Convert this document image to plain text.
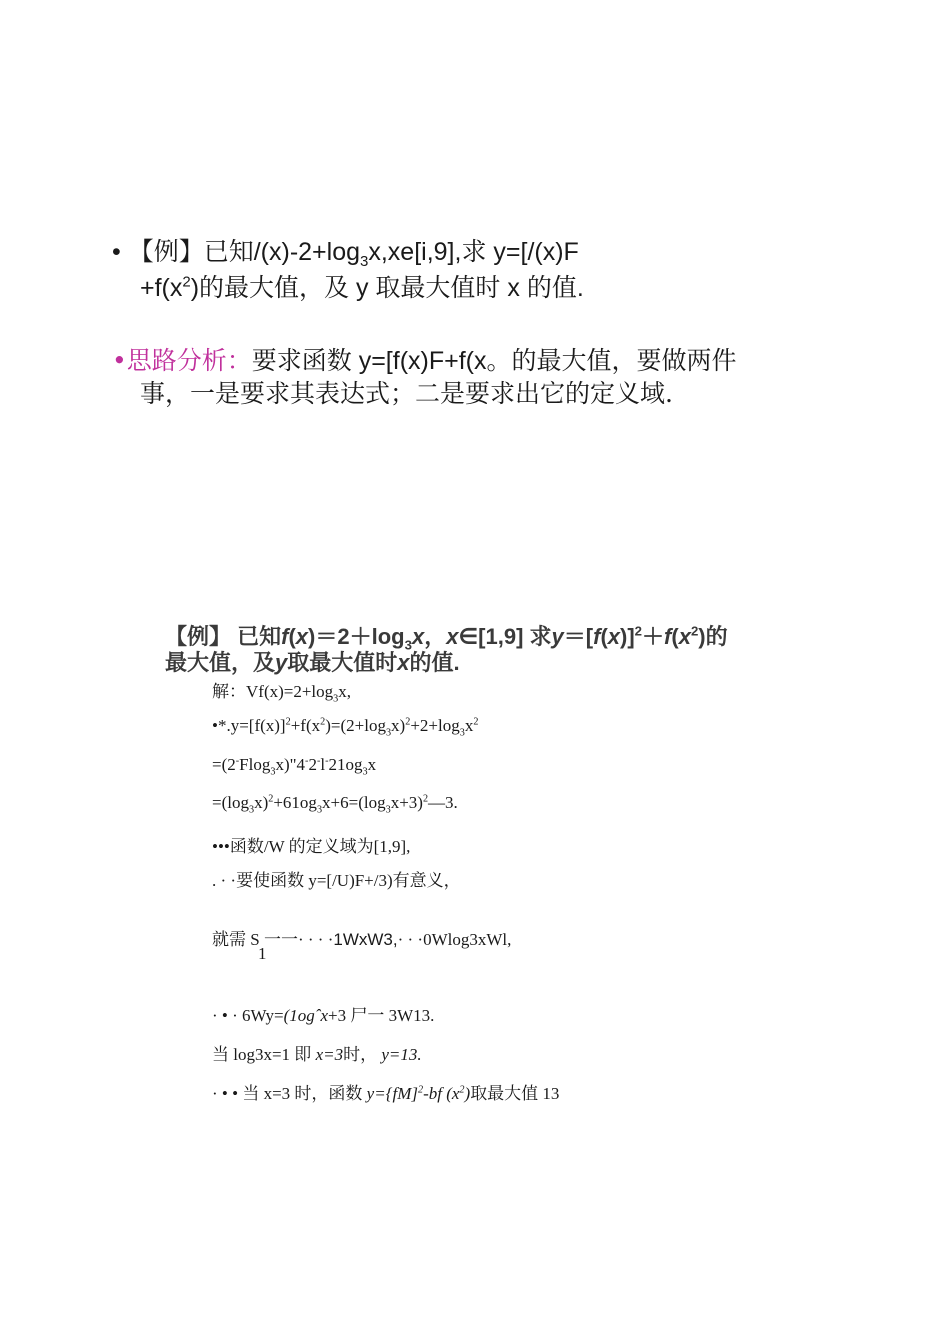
• 【例】已知$/(x)-2+\log_3x,xe[i,9]$,求 y=[/(x)F
$+f(x^2)$的最大值，及 y 取最大值时 x 的值.
•思路分析：要求函数 y=[f(x)F+f(x。的最大值，要做两件
事，一是要求其表达式；二是要求出它的定义域.
【例】 已知$f(x)=2+\log_3x$，x∈[1,9] 求$y=[f(x)]^2+f(x^2)$的
最大值，及y取最大值时x的值.
解：$Vf(x)=2+\log_3x$,
$•*.y=[f(x)]^2+f(x^2)=(2+\log_3x)^2+2+\log_3x^2$
$=(2^-Flog_3x)"4^-2^-l^-21og_3x$
$=(\log_3x)^2+61og_3x+6=(\log_3x+3)^2—3$.
•••函数/W 的定义域为[1,9],
. · ·要使函数 y=[/U)F+/3)有意义，
就需 S 一一· · · ·1WxW3,· · ·0Wlog3xWl,
1
· • · 6Wy=(1ogˆx+3 尸一 3W13.
当 log3x=1 即 x=3时， y=13.
· • • 当 x=3 时，函数 y={fM]$^2$-bf $(x^2)$取最大值 13
